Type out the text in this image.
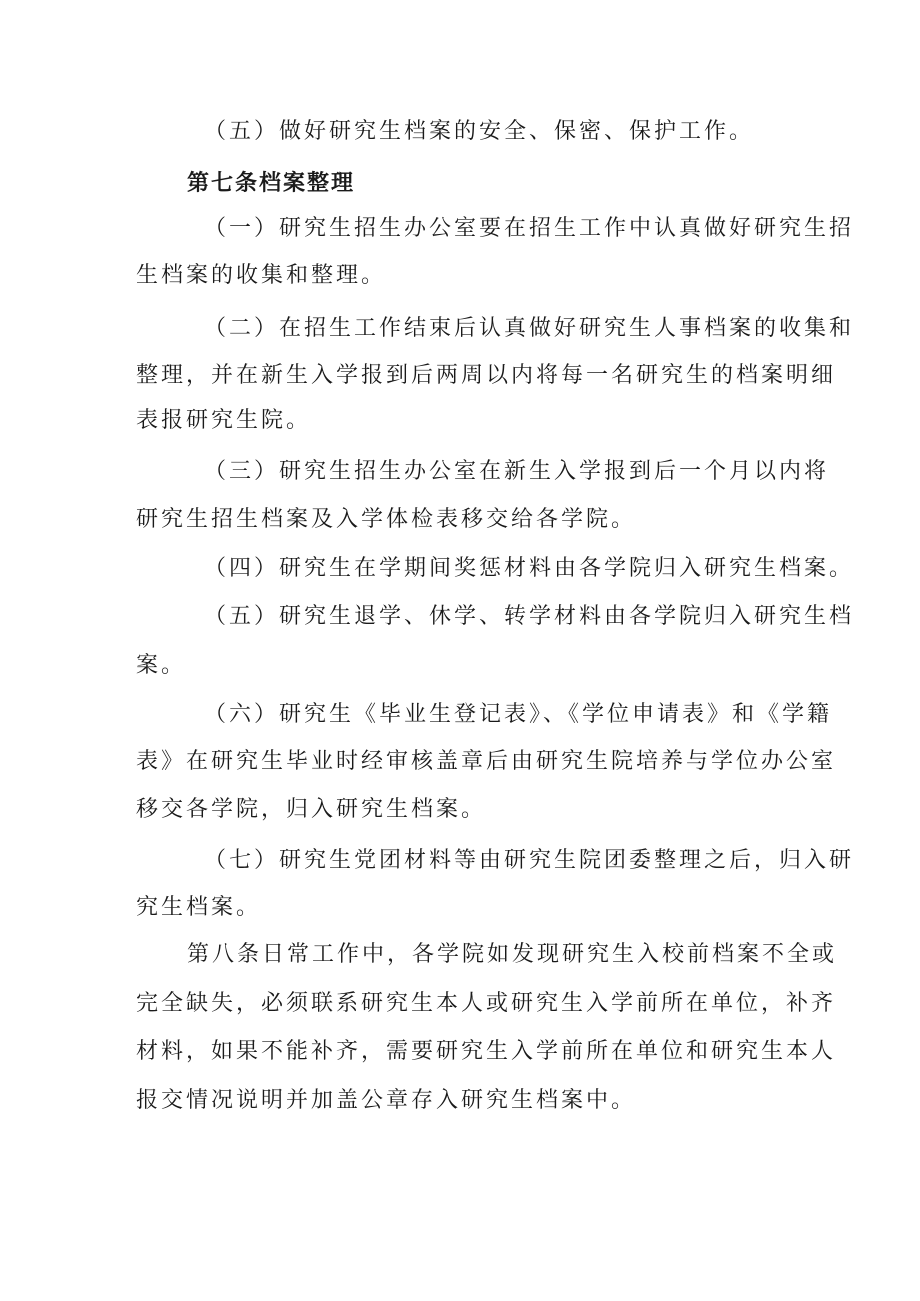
（五）做好研究生档案的安全、保密、保护工作。
第七条档案整理
（一）研究生招生办公室要在招生工作中认真做好研究生招
生档案的收集和整理。
（二）在招生工作结束后认真做好研究生人事档案的收集和
整理，并在新生入学报到后两周以内将每一名研究生的档案明细
表报研究生院。
（三）研究生招生办公室在新生入学报到后一个月以内将
研究生招生档案及入学体检表移交给各学院。
（四）研究生在学期间奖惩材料由各学院归入研究生档案。
（五）研究生退学、休学、转学材料由各学院归入研究生档
案。
（六）研究生《毕业生登记表》、《学位申请表》和《学籍
表》在研究生毕业时经审核盖章后由研究生院培养与学位办公室
移交各学院，归入研究生档案。
（七）研究生党团材料等由研究生院团委整理之后，归入研
究生档案。
第八条日常工作中，各学院如发现研究生入校前档案不全或
完全缺失，必须联系研究生本人或研究生入学前所在单位，补齐
材料，如果不能补齐，需要研究生入学前所在单位和研究生本人
报交情况说明并加盖公章存入研究生档案中。
